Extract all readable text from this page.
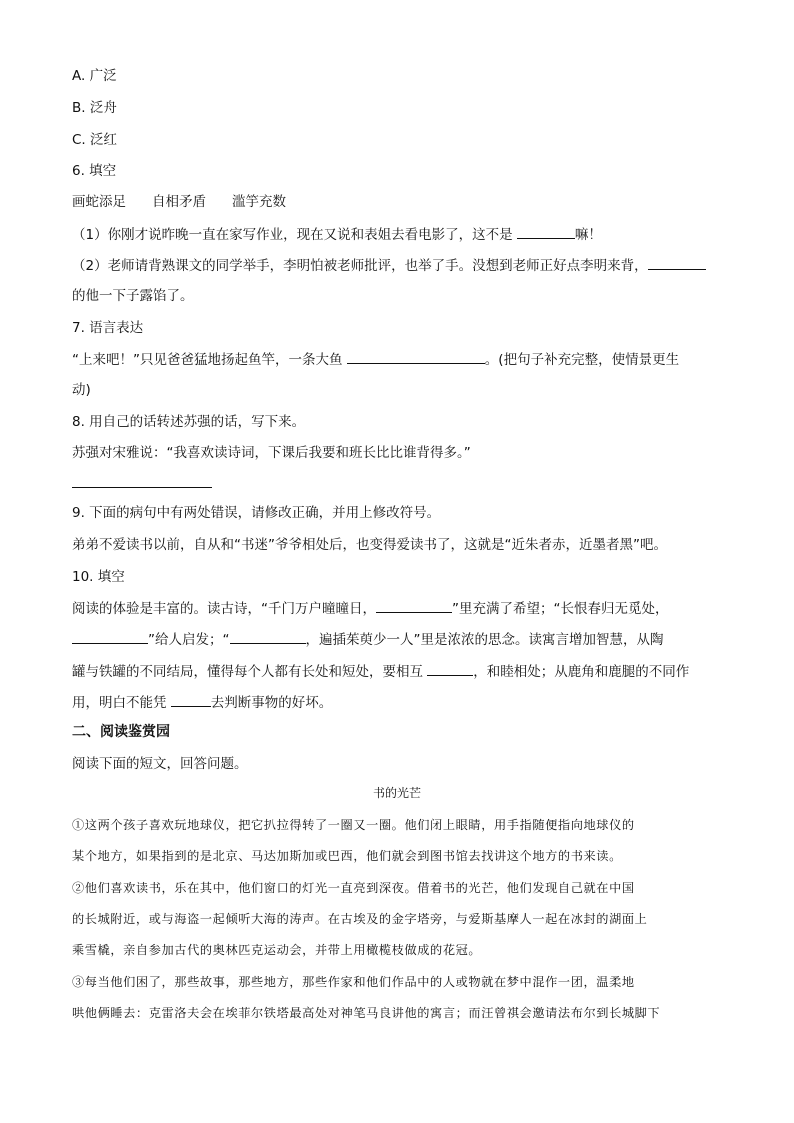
A. 广泛
B. 泛舟
C. 泛红
6. 填空
画蛇添足 自相矛盾 滥竽充数
（1）你刚才说昨晚一直在家写作业，现在又说和表姐去看电影了，这不是	嘛！
（2）老师请背熟课文的同学举手，李明怕被老师批评，也举了手。没想到老师正好点李明来背，
的他一下子露馅了。
7. 语言表达
“上来吧！”只见爸爸猛地扬起鱼竿，一条大鱼	。(把句子补充完整，使情景更生
动)
8. 用自己的话转述苏强的话，写下来。
苏强对宋雅说：“我喜欢读诗词，下课后我要和班长比比谁背得多。”
9. 下面的病句中有两处错误，请修改正确，并用上修改符号。
弟弟不爱读书以前，自从和“书迷”爷爷相处后，也变得爱读书了，这就是“近朱者赤，近墨者黑”吧。
10. 填空
阅读的体验是丰富的。读古诗，“千门万户曈曈日，	”里充满了希望；“长恨春归无觅处，
”给人启发；“	，遍插茱萸少一人”里是浓浓的思念。读寓言增加智慧，从陶
罐与铁罐的不同结局，懂得每个人都有长处和短处，要相互	，和睦相处；从鹿角和鹿腿的不同作
用，明白不能凭	去判断事物的好坏。
二、阅读鉴赏园
阅读下面的短文，回答问题。
书的光芒
①这两个孩子喜欢玩地球仪，把它扒拉得转了一圈又一圈。他们闭上眼睛，用手指随便指向地球仪的
某个地方，如果指到的是北京、马达加斯加或巴西，他们就会到图书馆去找讲这个地方的书来读。
②他们喜欢读书，乐在其中，他们窗口的灯光一直亮到深夜。借着书的光芒，他们发现自己就在中国
的长城附近，或与海盗一起倾听大海的涛声。在古埃及的金字塔旁，与爱斯基摩人一起在冰封的湖面上
乘雪橇，亲自参加古代的奥林匹克运动会，并带上用橄榄枝做成的花冠。
③每当他们困了，那些故事，那些地方，那些作家和他们作品中的人或物就在梦中混作一团，温柔地
哄他俩睡去：克雷洛夫会在埃菲尔铁塔最高处对神笔马良讲他的寓言；而汪曾祺会邀请法布尔到长城脚下
